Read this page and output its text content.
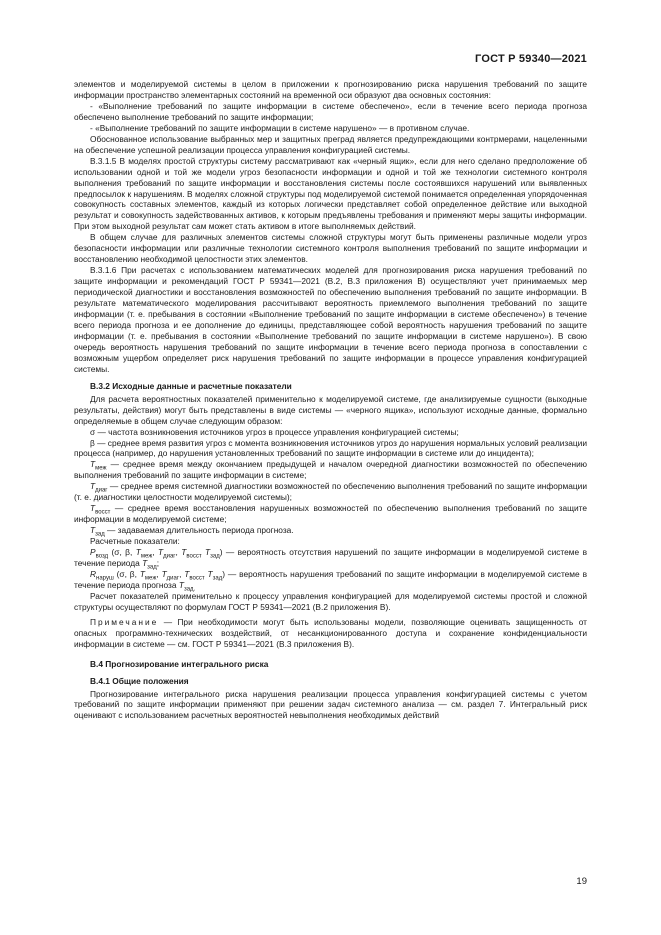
ГОСТ Р 59340—2021

элементов и моделируемой системы в целом в приложении к прогнозированию риска нарушения требований по защите информации пространство элементарных состояний на временной оси образуют два основных состояния:

- «Выполнение требований по защите информации в системе обеспечено», если в течение всего периода прогноза обеспечено выполнение требований по защите информации;

- «Выполнение требований по защите информации в системе нарушено» — в противном случае.

Обоснованное использование выбранных мер и защитных преград является предупреждающими контрмерами, нацеленными на обеспечение успешной реализации процесса управления конфигурацией системы.

В.3.1.5 В моделях простой структуры систему рассматривают как «черный ящик», если для него сделано предположение об использовании одной и той же модели угроз безопасности информации и одной и той же технологии системного контроля выполнения требований по защите информации и восстановления системы после состоявшихся нарушений или выявленных предпосылок к нарушениям. В моделях сложной структуры под моделируемой системой понимается определенная упорядоченная совокупность составных элементов, каждый из которых логически представляет собой определенное действие или выходной результат и совокупность задействованных активов, к которым предъявлены требования и применяют меры защиты информации. При этом выходной результат сам может стать активом в итоге выполняемых действий.

В общем случае для различных элементов системы сложной структуры могут быть применены различные модели угроз безопасности информации или различные технологии системного контроля выполнения требований по защите информации и восстановлению необходимой целостности этих элементов.

В.3.1.6 При расчетах с использованием математических моделей для прогнозирования риска нарушения требований по защите информации и рекомендаций ГОСТ Р 59341—2021 (В.2, В.3 приложения В) осуществляют учет принимаемых мер периодической диагностики и восстановления возможностей по обеспечению выполнения требований по защите информации. В результате математического моделирования рассчитывают вероятность приемлемого выполнения требований по защите информации (т. е. пребывания в состоянии «Выполнение требований по защите информации в системе обеспечено») в течение всего периода прогноза и ее дополнение до единицы, представляющее собой вероятность нарушения требований по защите информации (т. е. пребывания в состоянии «Выполнение требований по защите информации в системе нарушено»). В свою очередь вероятность нарушения требований по защите информации в течение всего периода прогноза в сопоставлении с возможным ущербом определяет риск нарушения требований по защите информации в процессе управления конфигурацией системы.

В.3.2 Исходные данные и расчетные показатели

Для расчета вероятностных показателей применительно к моделируемой системе, где анализируемые сущности (выходные результаты, действия) могут быть представлены в виде системы — «черного ящика», используют исходные данные, формально определяемые в общем случае следующим образом:

σ — частота возникновения источников угроз в процессе управления конфигурацией системы;

β — среднее время развития угроз с момента возникновения источников угроз до нарушения нормальных условий реализации процесса (например, до нарушения установленных требований по защите информации в системе или до инцидента);

$T_{меж}$ — среднее время между окончанием предыдущей и началом очередной диагностики возможностей по обеспечению выполнения требований по защите информации в системе;

$T_{диаг}$ — среднее время системной диагностики возможностей по обеспечению выполнения требований по защите информации (т. е. диагностики целостности моделируемой системы);

$T_{восст}$ — среднее время восстановления нарушенных возможностей по обеспечению выполнения требований по защите информации в моделируемой системе;

$T_{зад}$ — задаваемая длительность периода прогноза.

Расчетные показатели:

$P_{возд}$ (σ, β, $T_{меж}$, $T_{диаг}$, $T_{восст}$ $T_{зад}$) — вероятность отсутствия нарушений по защите информации в моделируемой системе в течение периода $T_{зад}$;

$R_{наруш}$ (σ, β, $T_{меж}$, $T_{диаг}$, $T_{восст}$ $T_{зад}$) — вероятность нарушения требований по защите информации в моделируемой системе в течение периода прогноза $T_{зад.}$

Расчет показателей применительно к процессу управления конфигурацией для моделируемой системы простой и сложной структуры осуществляют по формулам ГОСТ Р 59341—2021 (В.2 приложения В).

Примечание — При необходимости могут быть использованы модели, позволяющие оценивать защищенность от опасных программно-технических воздействий, от несанкционированного доступа и сохранение конфиденциальности информации в системе — см. ГОСТ Р 59341—2021 (В.3 приложения В).

В.4 Прогнозирование интегрального риска

В.4.1 Общие положения

Прогнозирование интегрального риска нарушения реализации процесса управления конфигурацией системы с учетом требований по защите информации применяют при решении задач системного анализа — см. раздел 7. Интегральный риск оценивают с использованием расчетных вероятностей невыполнения необходимых действий

19
